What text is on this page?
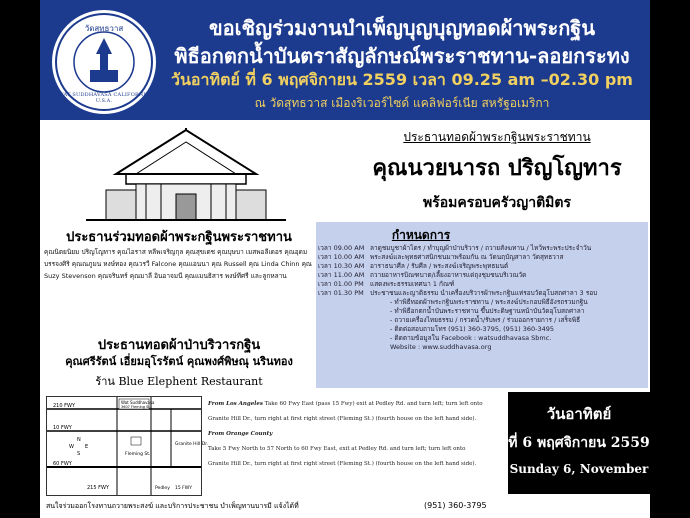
วัดสุทธวาส
WAT SUDDHAVASA CALIFORNIA U.S.A.
ขอเชิญร่วมงานบำเพ็ญบุญบุญทอดผ้าพระกฐิน
พิธีอกตกน้ำบันตราสัญลักษณ์พระราชทาน-ลอยกระทง
วันอาทิตย์ ที่ 6 พฤศจิกายน 2559 เวลา 09.25 am –02.30 pm
ณ วัดสุทธวาส เมืองริเวอร์ไซด์ แคลิฟอร์เนีย สหรัฐอเมริกา
ประธานทอดผ้าพระกฐินพระราชทาน
คุณนวยนารถ ปริญโญทาร
พร้อมครอบครัวญาติมิตร
ประธานร่วมทอดผ้าพระกฐินพระราชทาน
คุณนิตยนิยม ปริญโญทาร คุณไอราส หลีพเจริญกุล คุณสุขเดช คุณบุษบา เมสพอลีเดอร คุณอุดม บรรจงศิริ คุณณภูมน หงษ์ทอง คุณวรวี Falcone คุณแอนนา คุณ Russell คุณ Linda Chinn คุณ Suzy Stevenson คุณจรินทร์ คุณมาลี อินอาจมนี คุณแมนธิสาร พงษ์ทีศรี และลูกหลาน
ประธานทอดผ้าป่าบริวารกฐิน
คุณศรีรัตน์ เอี่ยมอุโรรัตน์ คุณพงศ์พิษณุ นรินทอง
ร้าน Blue Elephent Restaurant
กำหนดการ
เวลา 09.00 AM ลาดูชมบูชาผ้าไตร / ทำบุญผ้าป่าบริวาร / ถวายสังฆทาน / ไหว้พระพระประจำวัน
เวลา 10.00 AM พระสงฆ์และพุทธศาสนิกชนมาพร้อมกัน ณ วัดนฤบัญสาลา วัดสุทธวาส
เวลา 10.30 AM อาราธนาศีล / รับศีล / พระสงฆ์เจริญพระพุทธมนต์
เวลา 11.00 AM ถวายอาหารบิณฑบาต/เลี้ยงอาหารแด่ถุงชุมชนบริเวณวัด
เวลา 01.00 PM แสดงพระธรรมเทศนา 1 กัณฑ์
เวลา 01.30 PM ประชาชนและญาติธรรม นำเครื่องบริวารผ้าพระกฐินแห่รอบวัดอุโบสถศาลา 3 รอบ
- ทำพิธีทอดผ้าพระกฐินพระราชทาน / พระสงฆ์ประกอบพิธีอังรถรวมกฐิน
- ทำพิธีอกตกน้ำบันพระราชทาน ขึ้นประดิษฐานหน้าบันวัดอุโบสถศาลา
- ถวายเครื่องไทยธรรม / กรวดน้ำ/รับพร / ร่วมออกรายการ / เสร็จพิธี
- ติดต่อสอบถามโทร (951) 360-3795, (951) 360-3495
- ติดตามข้อมูลใน Facebook : watsuddhavasa Sbmc.
Website : www.suddhavasa.org
210 FWY
10 FWY
60 FWY
Wat Suddhavasa
3607 Fleming St.
Granite Hill Dr.
Fleming St.
Pedley 15 FWY
215 FWY
N
S
W E
From Los Angeles Take 60 Fwy East (pass 15 Fwy) exit at Pedley Rd. and turn left; turn left onto
Granite Hill Dr., turn right at first right street (Fleming St.) (fourth house on the left hand side).
From Orange County
Take 5 Fwy North to 57 North to 60 Fwy East, exit at Pedley Rd. and turn left; turn left onto
Granite Hill Dr., turn right at first right street (Fleming St.) (fourth house on the left hand side).
วันอาทิตย์
ที่ 6 พฤศจิกายน 2559
Sunday 6, November
สนใจร่วมออกโรงทานถวายพระสงฆ์ และบริการประชาชน บำเพ็ญทานบารมี แจ้งได้ที่	(951) 360-3795
